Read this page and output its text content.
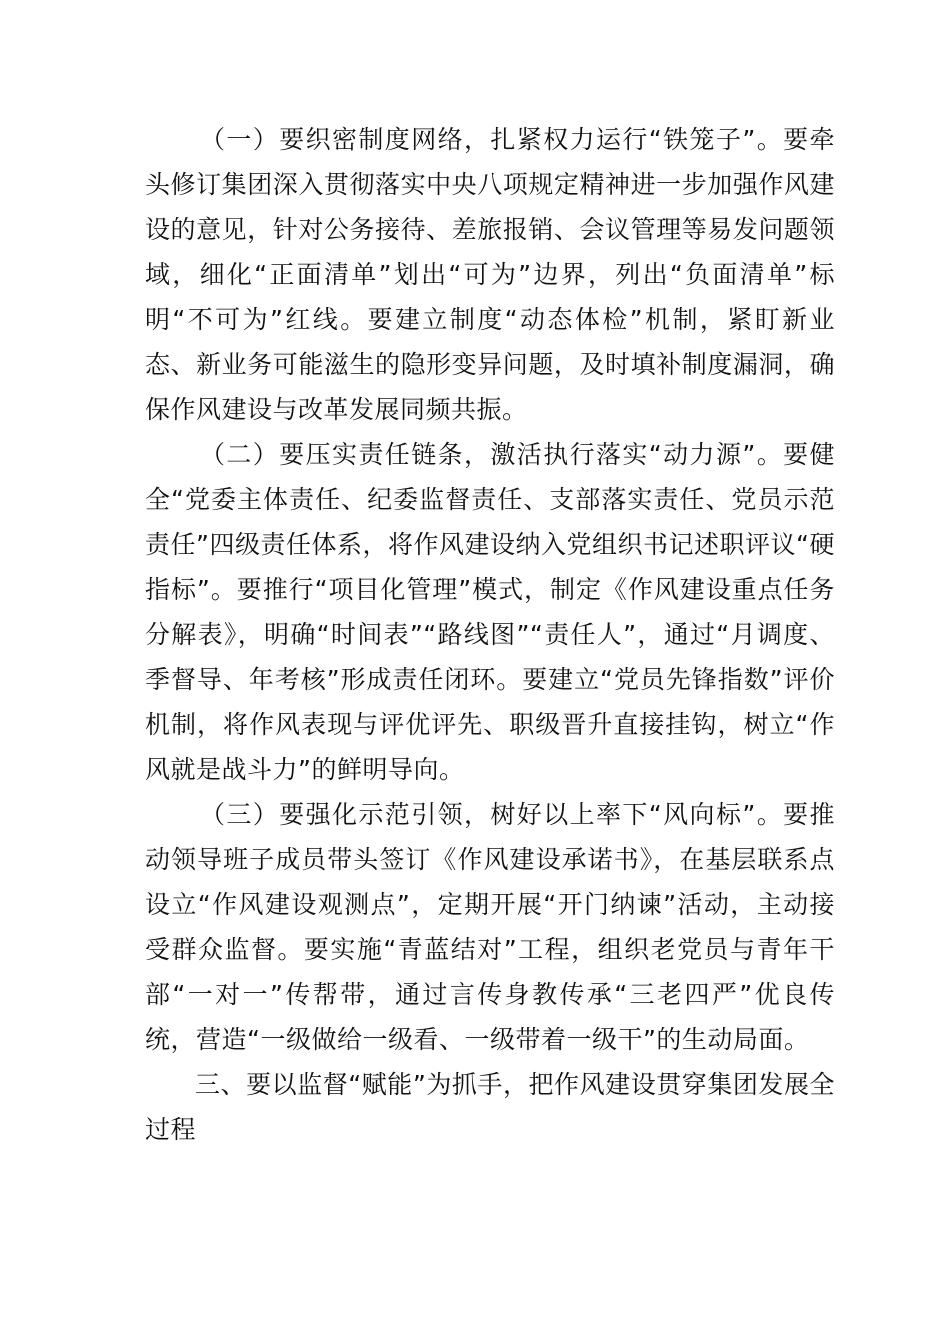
（一）要织密制度网络，扎紧权力运行“铁笼子”。要牵头修订集团深入贯彻落实中央八项规定精神进一步加强作风建设的意见，针对公务接待、差旅报销、会议管理等易发问题领域，细化“正面清单”划出“可为”边界，列出“负面清单”标明“不可为”红线。要建立制度“动态体检”机制，紧盯新业态、新业务可能滋生的隐形变异问题，及时填补制度漏洞，确保作风建设与改革发展同频共振。

（二）要压实责任链条，激活执行落实“动力源”。要健全“党委主体责任、纪委监督责任、支部落实责任、党员示范责任”四级责任体系，将作风建设纳入党组织书记述职评议“硬指标”。要推行“项目化管理”模式，制定《作风建设重点任务分解表》，明确“时间表”“路线图”“责任人”，通过“月调度、季督导、年考核”形成责任闭环。要建立“党员先锋指数”评价机制，将作风表现与评优评先、职级晋升直接挂钩，树立“作风就是战斗力”的鲜明导向。

（三）要强化示范引领，树好以上率下“风向标”。要推动领导班子成员带头签订《作风建设承诺书》，在基层联系点设立“作风建设观测点”，定期开展“开门纳谏”活动，主动接受群众监督。要实施“青蓝结对”工程，组织老党员与青年干部“一对一”传帮带，通过言传身教传承“三老四严”优良传统，营造“一级做给一级看、一级带着一级干”的生动局面。

三、要以监督“赋能”为抓手，把作风建设贯穿集团发展全过程
